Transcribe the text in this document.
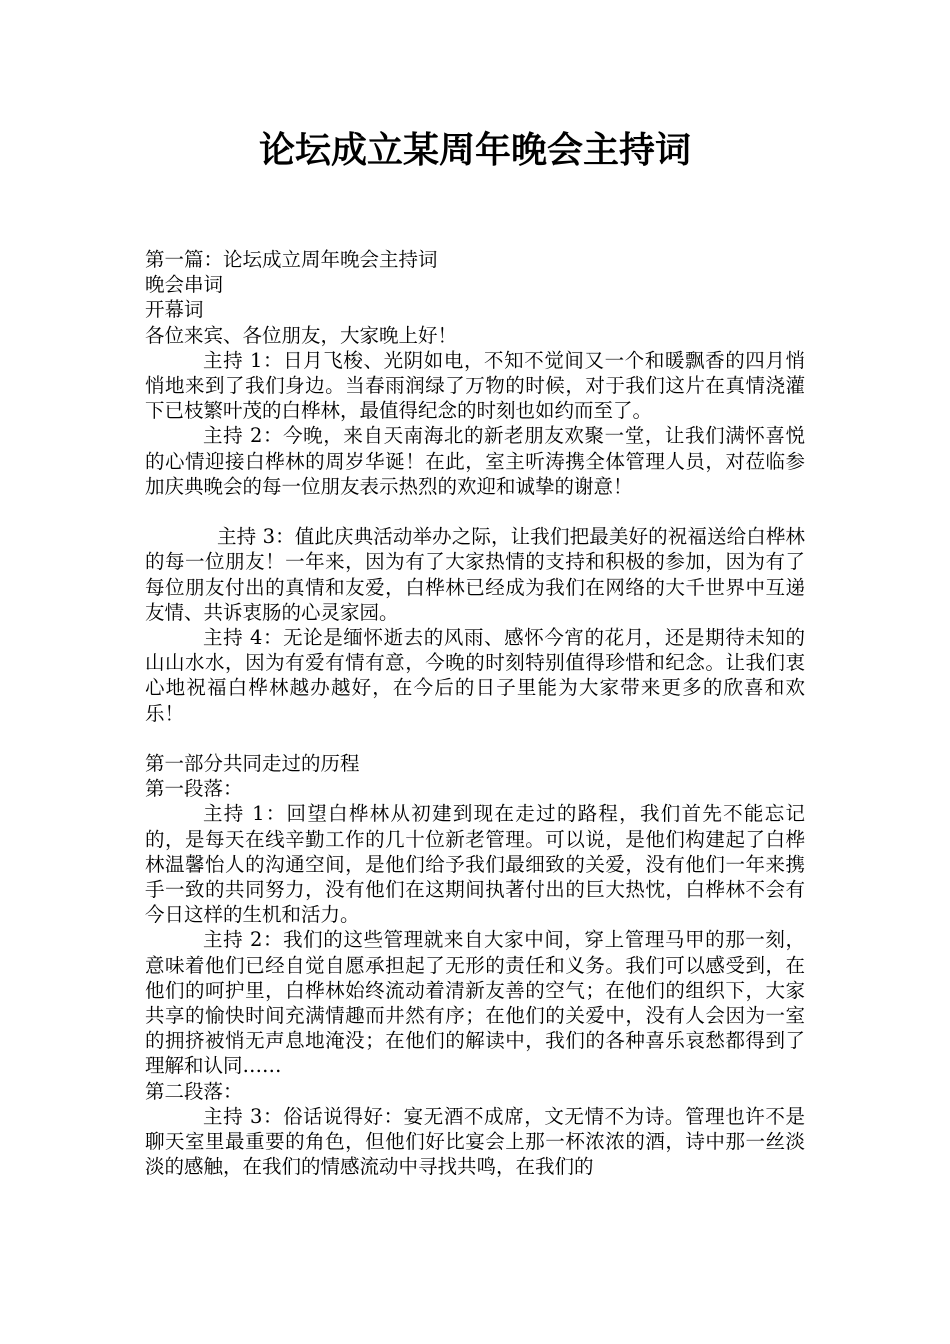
论坛成立某周年晚会主持词

第一篇：论坛成立周年晚会主持词

晚会串词

开幕词

各位来宾、各位朋友，大家晚上好！

主持 1：日月飞梭、光阴如电，不知不觉间又一个和暖飘香的四月悄悄地来到了我们身边。当春雨润绿了万物的时候，对于我们这片在真情浇灌下已枝繁叶茂的白桦林，最值得纪念的时刻也如约而至了。

主持 2：今晚，来自天南海北的新老朋友欢聚一堂，让我们满怀喜悦的心情迎接白桦林的周岁华诞！在此，室主听涛携全体管理人员，对莅临参加庆典晚会的每一位朋友表示热烈的欢迎和诚挚的谢意！

主持 3：值此庆典活动举办之际，让我们把最美好的祝福送给白桦林的每一位朋友！一年来，因为有了大家热情的支持和积极的参加，因为有了每位朋友付出的真情和友爱，白桦林已经成为我们在网络的大千世界中互递友情、共诉衷肠的心灵家园。

主持 4：无论是缅怀逝去的风雨、感怀今宵的花月，还是期待未知的山山水水，因为有爱有情有意，今晚的时刻特别值得珍惜和纪念。让我们衷心地祝福白桦林越办越好，在今后的日子里能为大家带来更多的欣喜和欢乐！

第一部分共同走过的历程

第一段落：

主持 1：回望白桦林从初建到现在走过的路程，我们首先不能忘记的，是每天在线辛勤工作的几十位新老管理。可以说，是他们构建起了白桦林温馨怡人的沟通空间，是他们给予我们最细致的关爱，没有他们一年来携手一致的共同努力，没有他们在这期间执著付出的巨大热忱，白桦林不会有今日这样的生机和活力。

主持 2：我们的这些管理就来自大家中间，穿上管理马甲的那一刻，意味着他们已经自觉自愿承担起了无形的责任和义务。我们可以感受到，在他们的呵护里，白桦林始终流动着清新友善的空气；在他们的组织下，大家共享的愉快时间充满情趣而井然有序；在他们的关爱中，没有人会因为一室的拥挤被悄无声息地淹没；在他们的解读中，我们的各种喜乐哀愁都得到了理解和认同……

第二段落：

主持 3：俗话说得好：宴无酒不成席，文无情不为诗。管理也许不是聊天室里最重要的角色，但他们好比宴会上那一杯浓浓的酒，诗中那一丝淡淡的感触，在我们的情感流动中寻找共鸣，在我们的
